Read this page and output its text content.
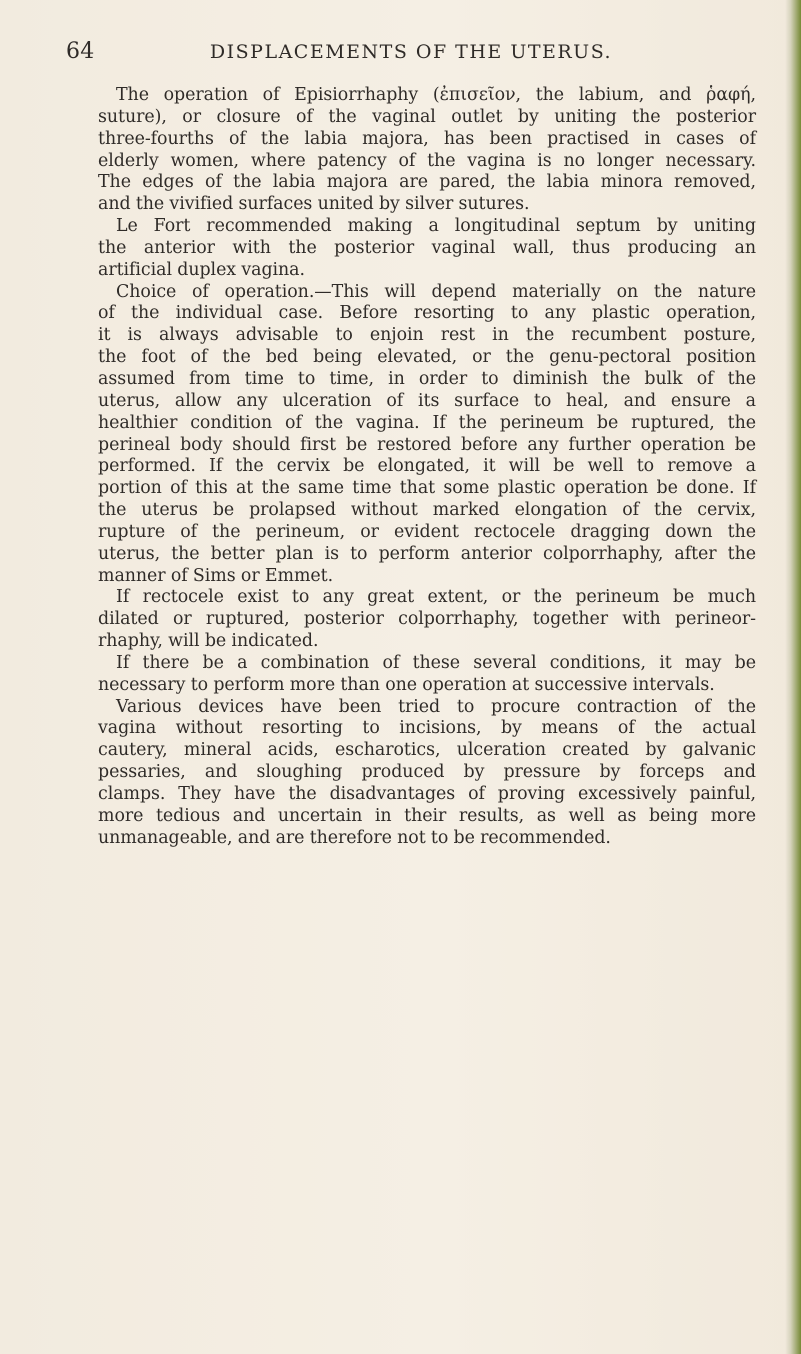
64	DISPLACEMENTS OF THE UTERUS.
The operation of Episiorrhaphy (ἐπισεῖον, the labium, and ῥαφή,
suture), or closure of the vaginal outlet by uniting the posterior
three-fourths of the labia majora, has been practised in cases of
elderly women, where patency of the vagina is no longer necessary.
The edges of the labia majora are pared, the labia minora removed,
and the vivified surfaces united by silver sutures.
Le Fort recommended making a longitudinal septum by uniting
the anterior with the posterior vaginal wall, thus producing an
artificial duplex vagina.
Choice of operation.—This will depend materially on the nature
of the individual case. Before resorting to any plastic operation,
it is always advisable to enjoin rest in the recumbent posture,
the foot of the bed being elevated, or the genu-pectoral position
assumed from time to time, in order to diminish the bulk of the
uterus, allow any ulceration of its surface to heal, and ensure a
healthier condition of the vagina. If the perineum be ruptured, the
perineal body should first be restored before any further operation be
performed. If the cervix be elongated, it will be well to remove a
portion of this at the same time that some plastic operation be done. If
the uterus be prolapsed without marked elongation of the cervix,
rupture of the perineum, or evident rectocele dragging down the
uterus, the better plan is to perform anterior colporrhaphy, after the
manner of Sims or Emmet.
If rectocele exist to any great extent, or the perineum be much
dilated or ruptured, posterior colporrhaphy, together with perineor-
rhaphy, will be indicated.
If there be a combination of these several conditions, it may be
necessary to perform more than one operation at successive intervals.
Various devices have been tried to procure contraction of the
vagina without resorting to incisions, by means of the actual
cautery, mineral acids, escharotics, ulceration created by galvanic
pessaries, and sloughing produced by pressure by forceps and
clamps. They have the disadvantages of proving excessively painful,
more tedious and uncertain in their results, as well as being more
unmanageable, and are therefore not to be recommended.
